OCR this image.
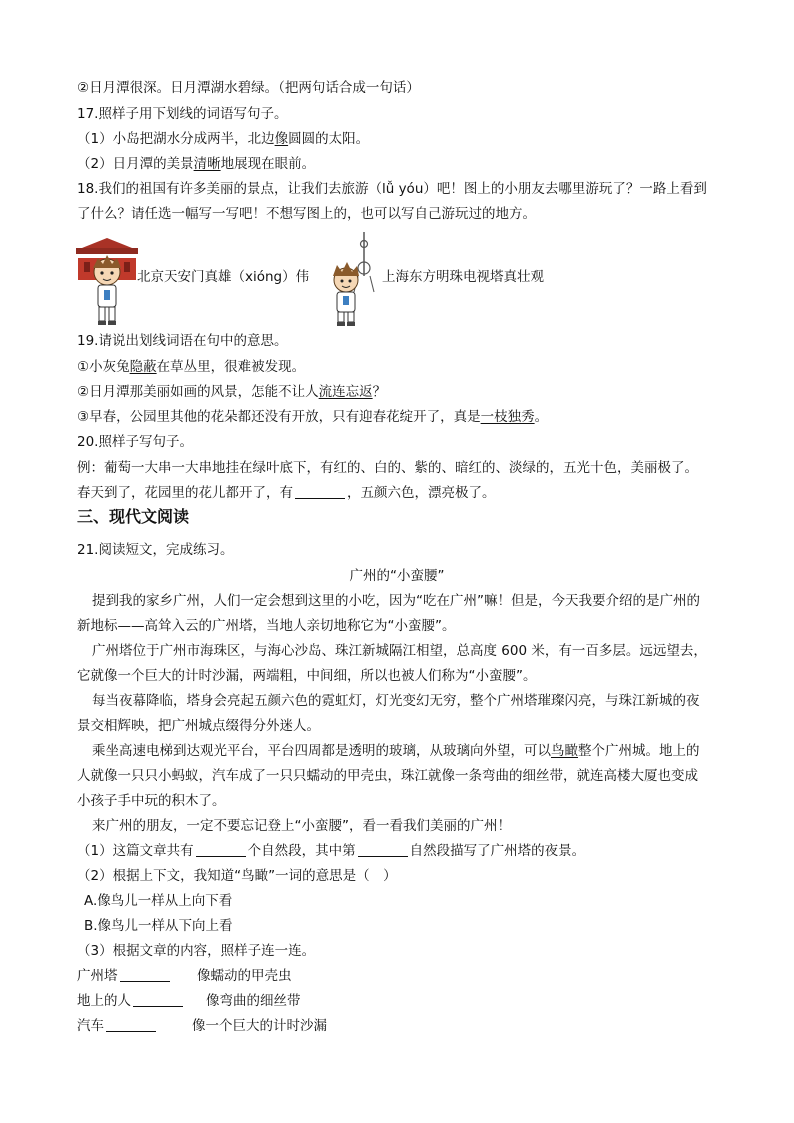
②日月潭很深。日月潭湖水碧绿。（把两句话合成一句话）
17.照样子用下划线的词语写句子。
（1）小岛把湖水分成两半，北边像圆圆的太阳。
（2）日月潭的美景清晰地展现在眼前。
18.我们的祖国有许多美丽的景点，让我们去旅游（lǚ yóu）吧！图上的小朋友去哪里游玩了？一路上看到
了什么？请任选一幅写一写吧！不想写图上的，也可以写自己游玩过的地方。
北京天安门真雄（xióng）伟	上海东方明珠电视塔真壮观
19.请说出划线词语在句中的意思。
①小灰兔隐蔽在草丛里，很难被发现。
②日月潭那美丽如画的风景，怎能不让人流连忘返？
③早春，公园里其他的花朵都还没有开放，只有迎春花绽开了，真是一枝独秀。
20.照样子写句子。
例：葡萄一大串一大串地挂在绿叶底下，有红的、白的、紫的、暗红的、淡绿的，五光十色，美丽极了。
春天到了，花园里的花儿都开了，有	，五颜六色，漂亮极了。
三、现代文阅读
21.阅读短文，完成练习。
广州的“小蛮腰”
提到我的家乡广州，人们一定会想到这里的小吃，因为“吃在广州”嘛！但是，今天我要介绍的是广州的
新地标——高耸入云的广州塔，当地人亲切地称它为“小蛮腰”。
广州塔位于广州市海珠区，与海心沙岛、珠江新城隔江相望，总高度 600 米，有一百多层。远远望去，
它就像一个巨大的计时沙漏，两端粗，中间细，所以也被人们称为“小蛮腰”。
每当夜幕降临，塔身会亮起五颜六色的霓虹灯，灯光变幻无穷，整个广州塔璀璨闪亮，与珠江新城的夜
景交相辉映，把广州城点缀得分外迷人。
乘坐高速电梯到达观光平台，平台四周都是透明的玻璃，从玻璃向外望，可以鸟瞰整个广州城。地上的
人就像一只只小蚂蚁，汽车成了一只只蠕动的甲壳虫，珠江就像一条弯曲的细丝带，就连高楼大厦也变成
小孩子手中玩的积木了。
来广州的朋友，一定不要忘记登上“小蛮腰”，看一看我们美丽的广州！
（1）这篇文章共有	个自然段，其中第	自然段描写了广州塔的夜景。
（2）根据上下文，我知道“鸟瞰”一词的意思是（　）
A.像鸟儿一样从上向下看
B.像鸟儿一样从下向上看
（3）根据文章的内容，照样子连一连。
广州塔	像蠕动的甲壳虫
地上的人	像弯曲的细丝带
汽车	像一个巨大的计时沙漏
